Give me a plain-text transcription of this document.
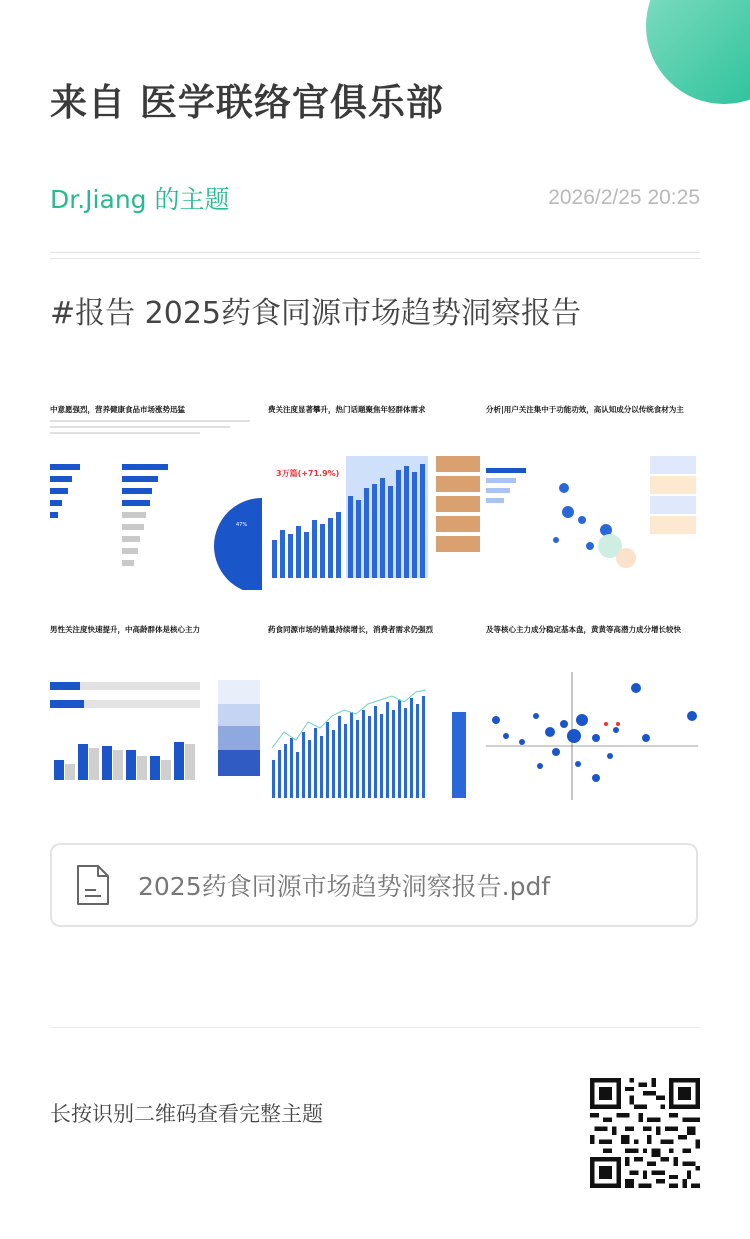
来自 医学联络官俱乐部
Dr.Jiang 的主题	2026/2/25 20:25
#报告 2025药食同源市场趋势洞察报告
中意愿强烈，营养健康食品市场涨势迅猛
47%
费关注度显著攀升，热门话题聚焦年轻群体需求
3万篇(+71.9%)
分析|用户关注集中于功能功效，高认知成分以传统食材为主
男性关注度快速提升，中高龄群体是核心主力	药食同源市场的销量持续增长，消费者需求仍强烈	及等核心主力成分稳定基本盘，黄黄等高潜力成分增长较快
2025药食同源市场趋势洞察报告.pdf
长按识别二维码查看完整主题
